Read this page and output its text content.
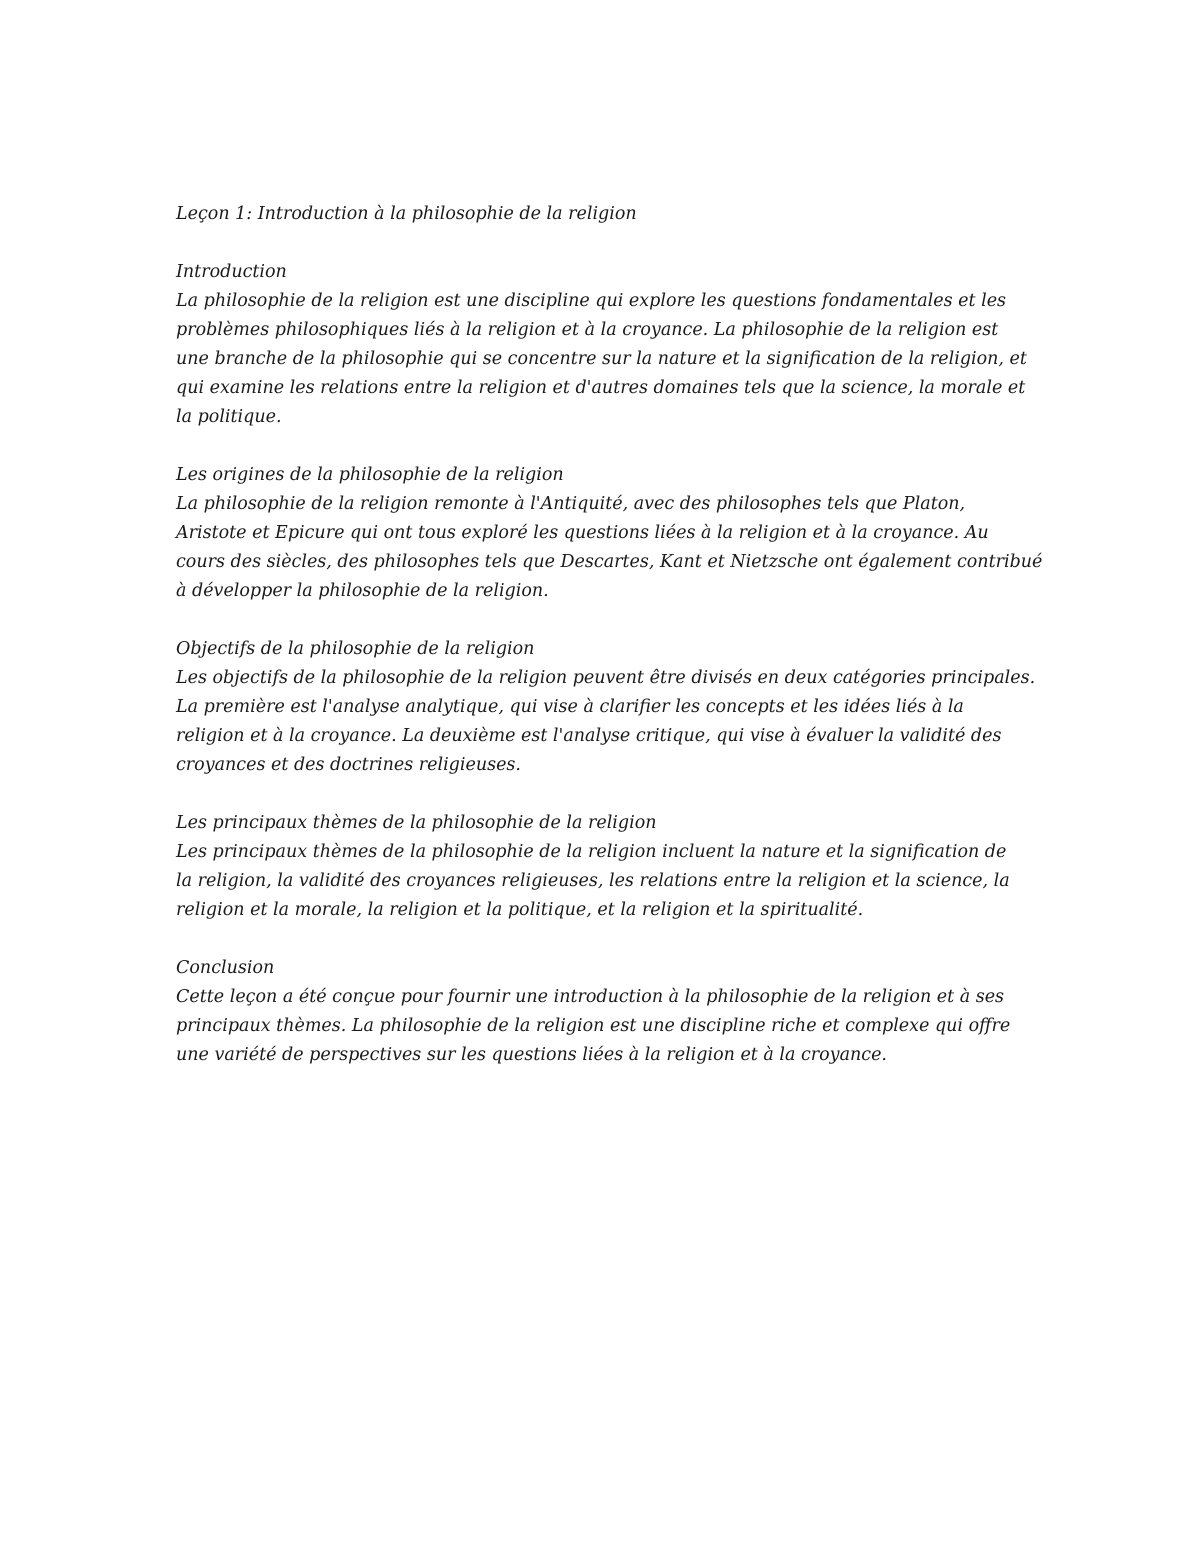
Leçon 1: Introduction à la philosophie de la religion
Introduction
La philosophie de la religion est une discipline qui explore les questions fondamentales et les
problèmes philosophiques liés à la religion et à la croyance. La philosophie de la religion est
une branche de la philosophie qui se concentre sur la nature et la signification de la religion, et
qui examine les relations entre la religion et d'autres domaines tels que la science, la morale et
la politique.
Les origines de la philosophie de la religion
La philosophie de la religion remonte à l'Antiquité, avec des philosophes tels que Platon,
Aristote et Epicure qui ont tous exploré les questions liées à la religion et à la croyance. Au
cours des siècles, des philosophes tels que Descartes, Kant et Nietzsche ont également contribué
à développer la philosophie de la religion.
Objectifs de la philosophie de la religion
Les objectifs de la philosophie de la religion peuvent être divisés en deux catégories principales.
La première est l'analyse analytique, qui vise à clarifier les concepts et les idées liés à la
religion et à la croyance. La deuxième est l'analyse critique, qui vise à évaluer la validité des
croyances et des doctrines religieuses.
Les principaux thèmes de la philosophie de la religion
Les principaux thèmes de la philosophie de la religion incluent la nature et la signification de
la religion, la validité des croyances religieuses, les relations entre la religion et la science, la
religion et la morale, la religion et la politique, et la religion et la spiritualité.
Conclusion
Cette leçon a été conçue pour fournir une introduction à la philosophie de la religion et à ses
principaux thèmes. La philosophie de la religion est une discipline riche et complexe qui offre
une variété de perspectives sur les questions liées à la religion et à la croyance.
